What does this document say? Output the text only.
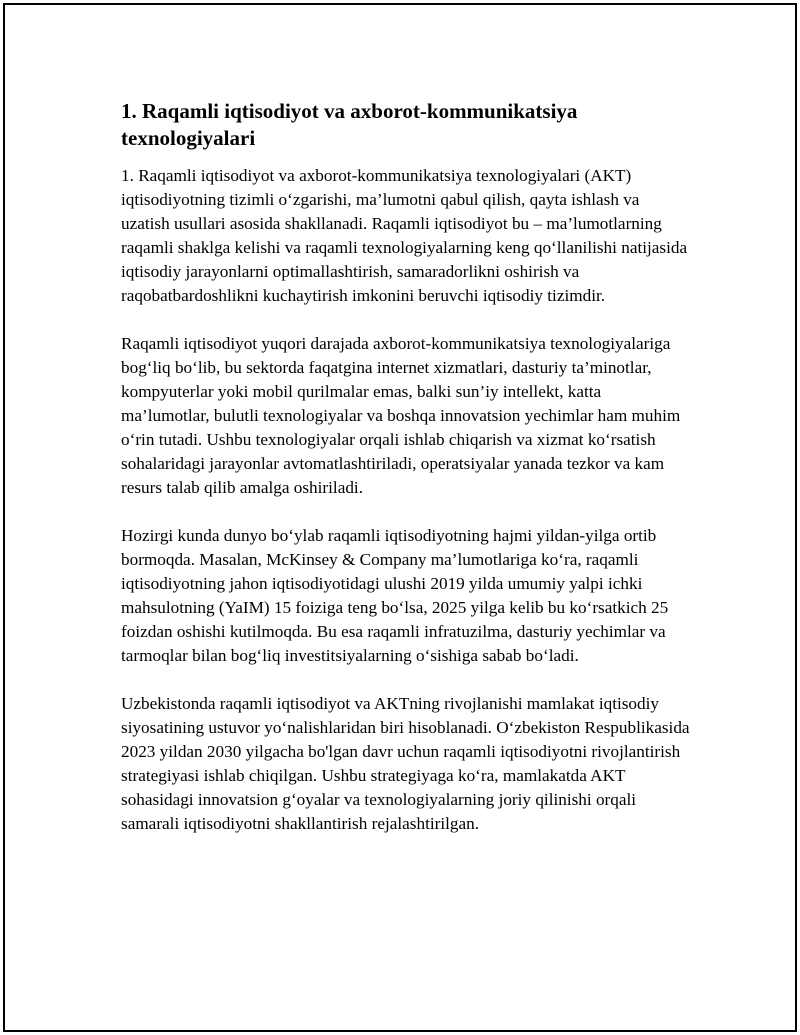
1. Raqamli iqtisodiyot va axborot-kommunikatsiya texnologiyalari

1. Raqamli iqtisodiyot va axborot-kommunikatsiya texnologiyalari (AKT) iqtisodiyotning tizimli o‘zgarishi, ma’lumotni qabul qilish, qayta ishlash va uzatish usullari asosida shakllanadi. Raqamli iqtisodiyot bu – ma’lumotlarning raqamli shaklga kelishi va raqamli texnologiyalarning keng qo‘llanilishi natijasida iqtisodiy jarayonlarni optimallashtirish, samaradorlikni oshirish va raqobatbardoshlikni kuchaytirish imkonini beruvchi iqtisodiy tizimdir.

Raqamli iqtisodiyot yuqori darajada axborot-kommunikatsiya texnologiyalariga bog‘liq bo‘lib, bu sektorda faqatgina internet xizmatlari, dasturiy ta’minotlar, kompyuterlar yoki mobil qurilmalar emas, balki sun’iy intellekt, katta ma’lumotlar, bulutli texnologiyalar va boshqa innovatsion yechimlar ham muhim o‘rin tutadi. Ushbu texnologiyalar orqali ishlab chiqarish va xizmat ko‘rsatish sohalaridagi jarayonlar avtomatlashtiriladi, operatsiyalar yanada tezkor va kam resurs talab qilib amalga oshiriladi.

Hozirgi kunda dunyo bo‘ylab raqamli iqtisodiyotning hajmi yildan-yilga ortib bormoqda. Masalan, McKinsey & Company ma’lumotlariga ko‘ra, raqamli iqtisodiyotning jahon iqtisodiyotidagi ulushi 2019 yilda umumiy yalpi ichki mahsulotning (YaIM) 15 foiziga teng bo‘lsa, 2025 yilga kelib bu ko‘rsatkich 25 foizdan oshishi kutilmoqda. Bu esa raqamli infratuzilma, dasturiy yechimlar va tarmoqlar bilan bog‘liq investitsiyalarning o‘sishiga sabab bo‘ladi.

Uzbekistonda raqamli iqtisodiyot va AKTning rivojlanishi mamlakat iqtisodiy siyosatining ustuvor yo‘nalishlaridan biri hisoblanadi. O‘zbekiston Respublikasida 2023 yildan 2030 yilgacha bo'lgan davr uchun raqamli iqtisodiyotni rivojlantirish strategiyasi ishlab chiqilgan. Ushbu strategiyaga ko‘ra, mamlakatda AKT sohasidagi innovatsion g‘oyalar va texnologiyalarning joriy qilinishi orqali samarali iqtisodiyotni shakllantirish rejalashtirilgan.
